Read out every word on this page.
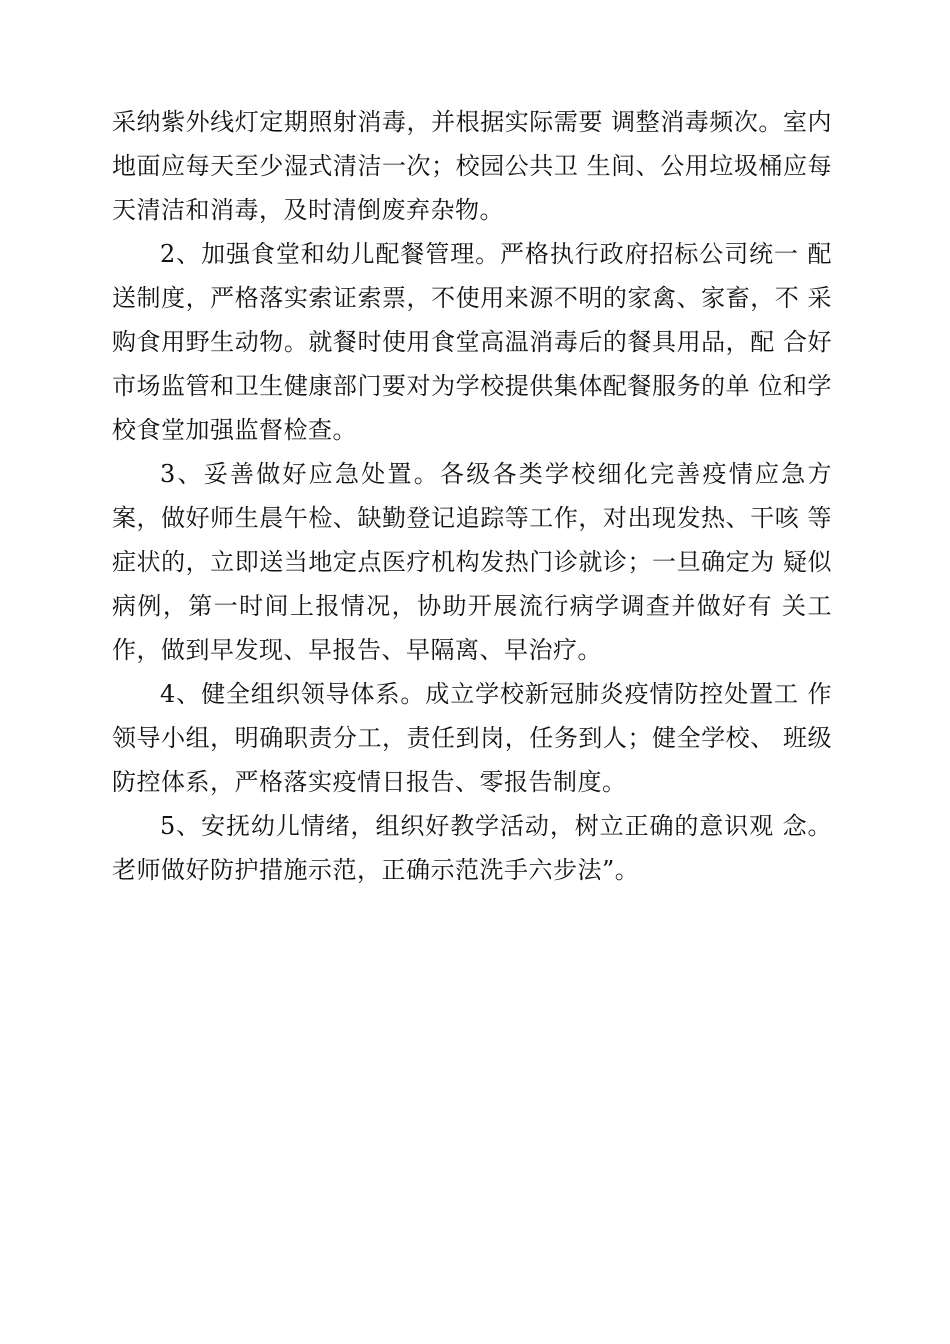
采纳紫外线灯定期照射消毒，并根据实际需要 调整消毒频次。室内地面应每天至少湿式清洁一次；校园公共卫 生间、公用垃圾桶应每天清洁和消毒，及时清倒废弃杂物。

2、加强食堂和幼儿配餐管理。严格执行政府招标公司统一 配送制度，严格落实索证索票，不使用来源不明的家禽、家畜，不 采购食用野生动物。就餐时使用食堂高温消毒后的餐具用品，配 合好市场监管和卫生健康部门要对为学校提供集体配餐服务的单 位和学校食堂加强监督检查。

3、妥善做好应急处置。各级各类学校细化完善疫情应急方案，做好师生晨午检、缺勤登记追踪等工作，对出现发热、干咳 等症状的，立即送当地定点医疗机构发热门诊就诊；一旦确定为 疑似病例，第一时间上报情况，协助开展流行病学调查并做好有 关工作，做到早发现、早报告、早隔离、早治疗。

4、健全组织领导体系。成立学校新冠肺炎疫情防控处置工 作领导小组，明确职责分工，责任到岗，任务到人；健全学校、 班级防控体系，严格落实疫情日报告、零报告制度。

5、安抚幼儿情绪，组织好教学活动，树立正确的意识观 念。老师做好防护措施示范，正确示范洗手六步法”。
